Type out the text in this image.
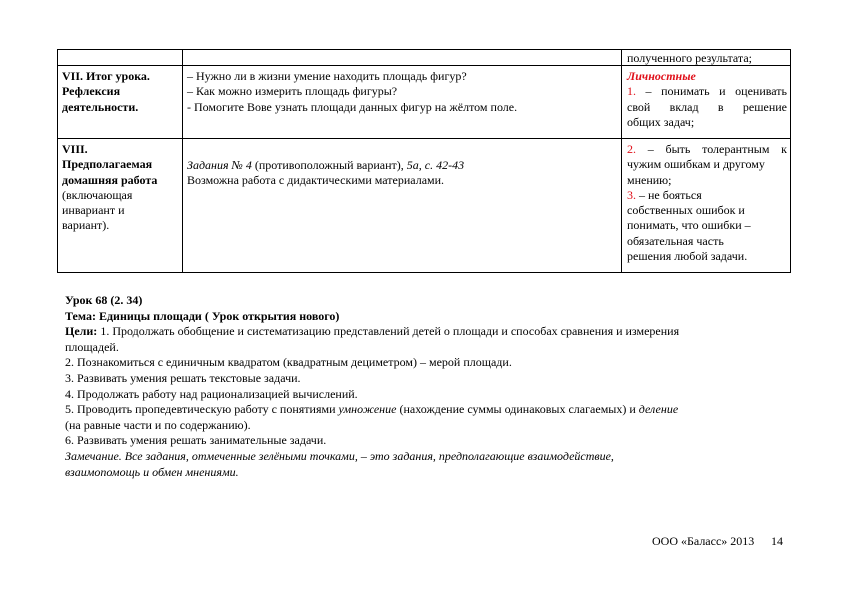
полученного результата;
VII. Итог урока.
Рефлексия
деятельности.
– Нужно ли в жизни умение находить площадь фигур?
– Как можно измерить площадь фигуры?
- Помогите Вове узнать площади данных фигур на жёлтом поле.
Личностные
1. – понимать и оценивать
свой вклад в решение
общих задач;
VIII.
Предполагаемая
домашняя работа
(включающая
инвариант и
вариант).
Задания № 4 (противоположный вариант), 5а, с. 42-43
Возможна работа с дидактическими материалами.
2. – быть толерантным к
чужим ошибкам и другому
мнению;
3. – не бояться
собственных ошибок и
понимать, что ошибки –
обязательная часть
решения любой задачи.
Урок 68 (2. 34)
Тема: Единицы площади ( Урок открытия нового)
Цели: 1. Продолжать обобщение и систематизацию представлений детей о площади и способах сравнения и измерения
площадей.
2. Познакомиться с единичным квадратом (квадратным дециметром) – мерой площади.
3. Развивать умения решать текстовые задачи.
4. Продолжать работу над рационализацией вычислений.
5. Проводить пропедевтическую работу с понятиями умножение (нахождение суммы одинаковых слагаемых) и деление
(на равные части и по содержанию).
6. Развивать умения решать занимательные задачи.
Замечание. Все задания, отмеченные зелёными точками, – это задания, предполагающие взаимодействие,
взаимопомощь и обмен мнениями.
ООО «Баласс» 2013 14
